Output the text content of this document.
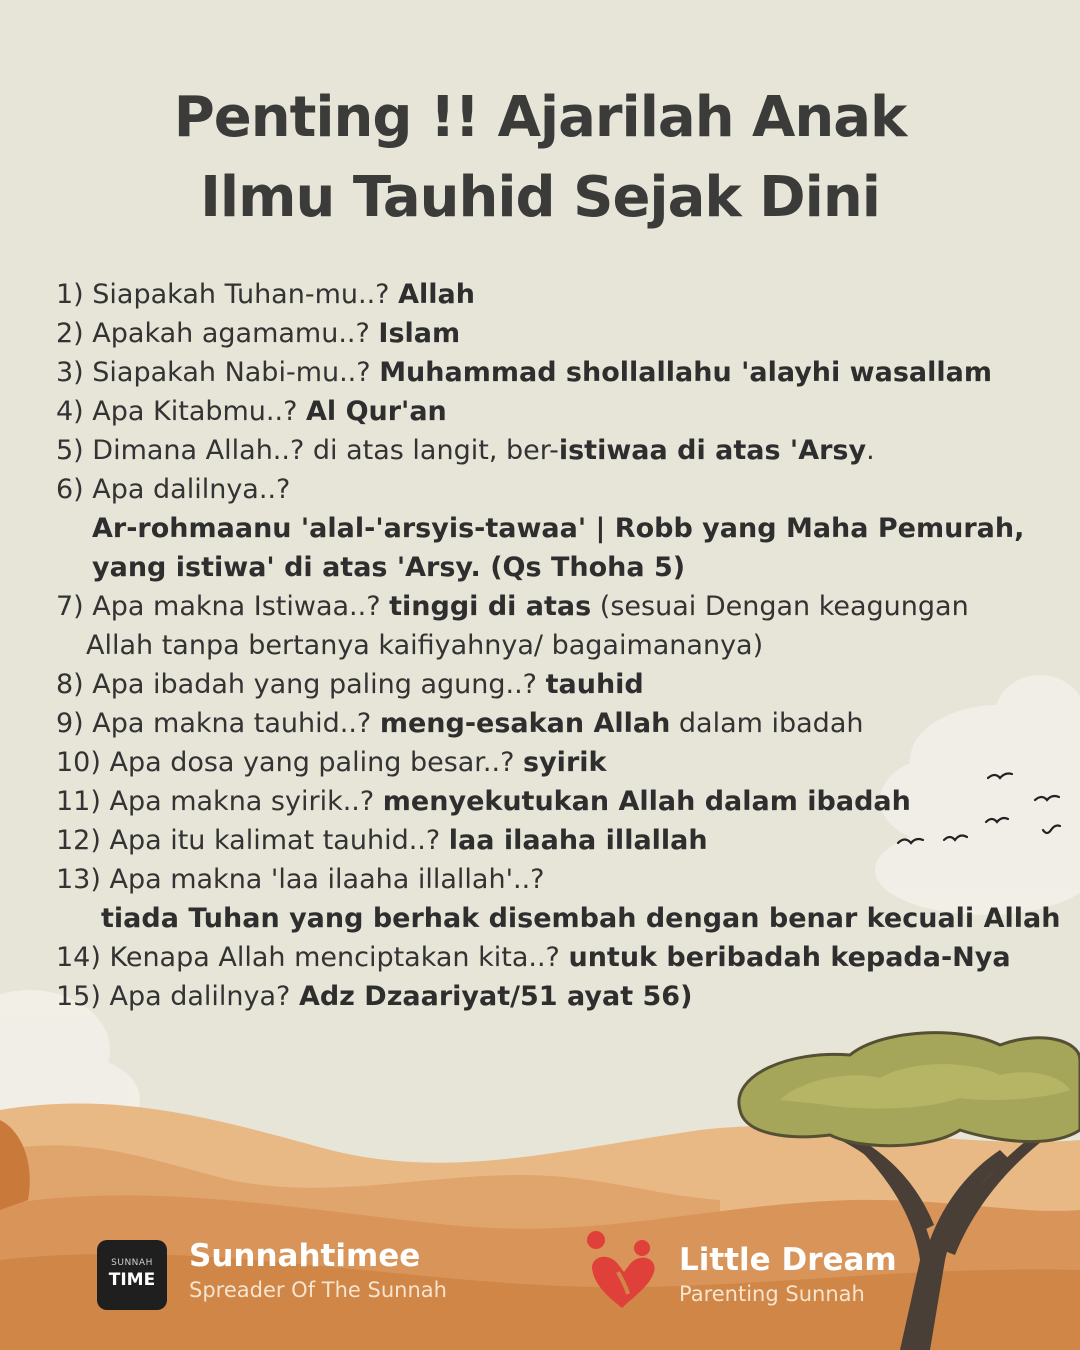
Penting !! Ajarilah Anak
Ilmu Tauhid Sejak Dini
1) Siapakah Tuhan-mu..? Allah
2) Apakah agamamu..? Islam
3) Siapakah Nabi-mu..? Muhammad shollallahu 'alayhi wasallam
4) Apa Kitabmu..? Al Qur'an
5) Dimana Allah..? di atas langit, ber-istiwaa di atas 'Arsy.
6) Apa dalilnya..?
Ar-rohmaanu 'alal-'arsyis-tawaa' | Robb yang Maha Pemurah,
yang istiwa' di atas 'Arsy. (Qs Thoha 5)
7) Apa makna Istiwaa..? tinggi di atas (sesuai Dengan keagungan
Allah tanpa bertanya kaifiyahnya/ bagaimananya)
8) Apa ibadah yang paling agung..? tauhid
9) Apa makna tauhid..? meng-esakan Allah dalam ibadah
10) Apa dosa yang paling besar..? syirik
11) Apa makna syirik..? menyekutukan Allah dalam ibadah
12) Apa itu kalimat tauhid..? laa ilaaha illallah
13) Apa makna 'laa ilaaha illallah'..?
tiada Tuhan yang berhak disembah dengan benar kecuali Allah
14) Kenapa Allah menciptakan kita..? untuk beribadah kepada-Nya
15) Apa dalilnya? Adz Dzaariyat/51 ayat 56)
SUNNAH
TIME
Sunnahtimee
Spreader Of The Sunnah
Little Dream
Parenting Sunnah
